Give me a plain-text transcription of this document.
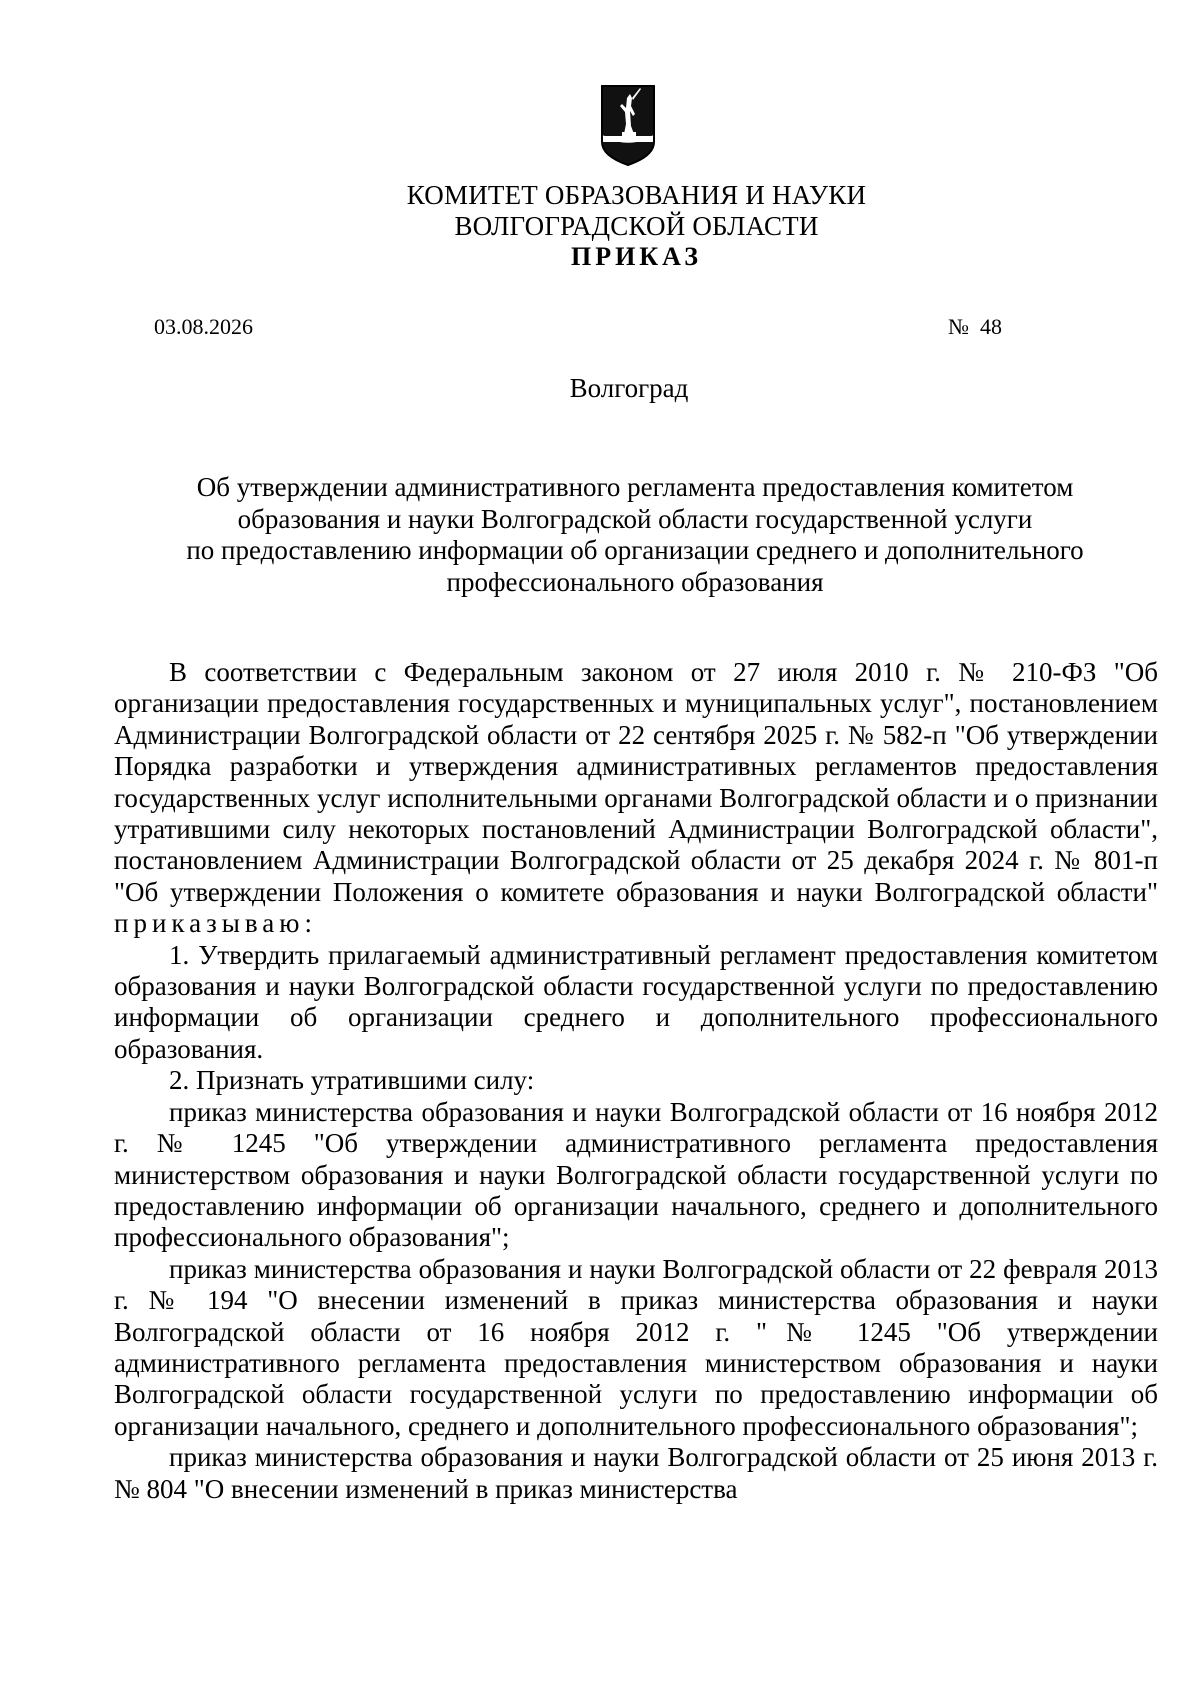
КОМИТЕТ ОБРАЗОВАНИЯ И НАУКИ
ВОЛГОГРАДСКОЙ ОБЛАСТИ
ПРИКАЗ
03.08.2026	№  48
Волгоград
Об утверждении административного регламента предоставления комитетом
образования и науки Волгоградской области государственной услуги
по предоставлению информации об организации среднего и дополнительного
профессионального образования

В соответствии с Федеральным законом от 27 июля 2010 г. № 210-ФЗ "Об организации предоставления государственных и муниципальных услуг", постановлением Администрации Волгоградской области от 22 сентября 2025 г. № 582-п "Об утверждении Порядка разработки и утверждения административных регламентов предоставления государственных услуг исполнительными органами Волгоградской области и о признании утратившими силу некоторых постановлений Администрации Волгоградской области", постановлением Администрации Волгоградской области от 25 декабря 2024 г. № 801-п "Об утверждении Положения о комитете образования и науки Волгоградской области" приказываю:

1. Утвердить прилагаемый административный регламент предоставления комитетом образования и науки Волгоградской области государственной услуги по предоставлению информации об организации среднего и дополнительного профессионального образования.

2. Признать утратившими силу:

приказ министерства образования и науки Волгоградской области от 16 ноября 2012 г. № 1245 "Об утверждении административного регламента предоставления министерством образования и науки Волгоградской области государственной услуги по предоставлению информации об организации начального, среднего и дополнительного профессионального образования";

приказ министерства образования и науки Волгоградской области от 22 февраля 2013 г. № 194 "О внесении изменений в приказ министерства образования и науки Волгоградской области от 16 ноября 2012 г. "№ 1245 "Об утверждении административного регламента предоставления министерством образования и науки Волгоградской области государственной услуги по предоставлению информации об организации начального, среднего и дополнительного профессионального образования";

приказ министерства образования и науки Волгоградской области от 25 июня 2013 г. № 804 "О внесении изменений в приказ министерства
